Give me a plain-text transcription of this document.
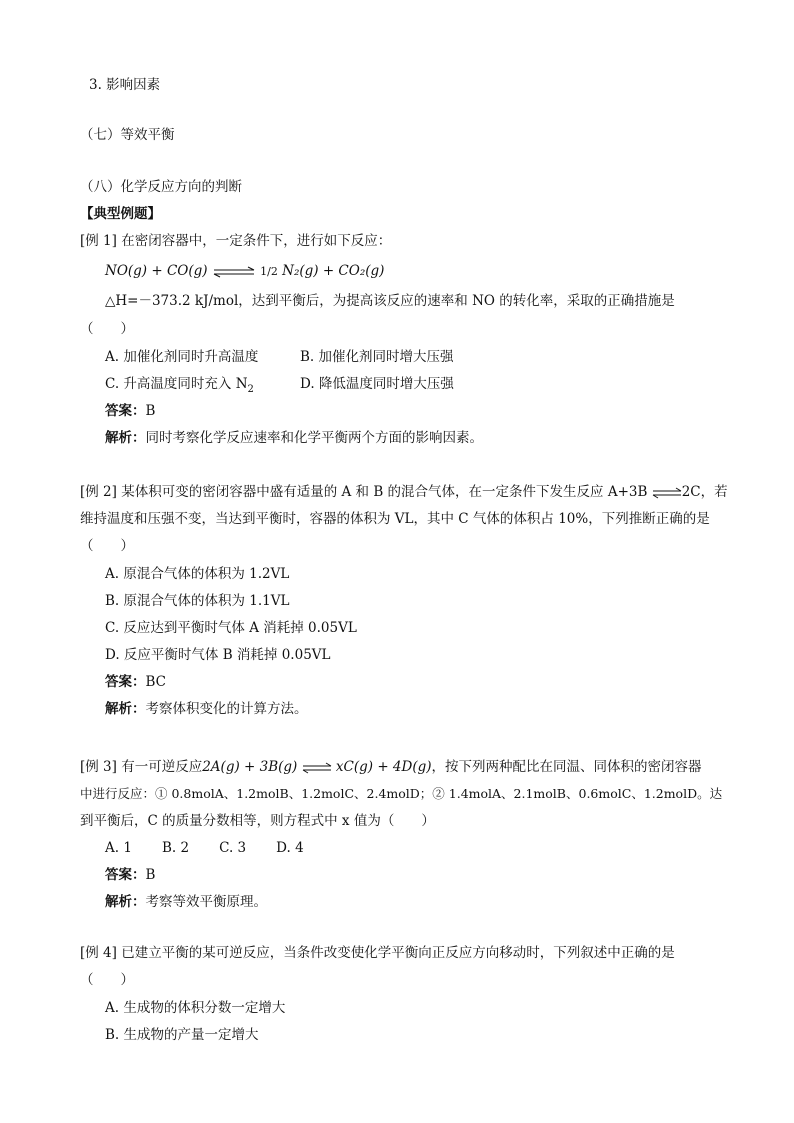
3. 影响因素
（七）等效平衡
（八）化学反应方向的判断
【典型例题】
[例 1] 在密闭容器中，一定条件下，进行如下反应：
NO(g) + CO(g) ⇌ 1/2 N₂(g) + CO₂(g)
△H=－373.2 kJ/mol，达到平衡后，为提高该反应的速率和 NO 的转化率，采取的正确措施是
（　　）
A. 加催化剂同时升高温度	B. 加催化剂同时增大压强
C. 升高温度同时充入 $N_2$	D. 降低温度同时增大压强
答案：B
解析：同时考察化学反应速率和化学平衡两个方面的影响因素。
[例 2] 某体积可变的密闭容器中盛有适量的 A 和 B 的混合气体，在一定条件下发生反应 A+3B ⇌2C，若
维持温度和压强不变，当达到平衡时，容器的体积为 VL，其中 C 气体的体积占 10%，下列推断正确的是
（　　）
A. 原混合气体的体积为 1.2VL
B. 原混合气体的体积为 1.1VL
C. 反应达到平衡时气体 A 消耗掉 0.05VL
D. 反应平衡时气体 B 消耗掉 0.05VL
答案：BC
解析：考察体积变化的计算方法。
[例 3] 有一可逆反应2A(g) + 3B(g) ⇌ xC(g) + 4D(g)，按下列两种配比在同温、同体积的密闭容器
中进行反应：① 0.8molA、1.2molB、1.2molC、2.4molD；② 1.4molA、2.1molB、0.6molC、1.2molD。达
到平衡后，C 的质量分数相等，则方程式中 x 值为（　　）
A. 1       B. 2       C. 3       D. 4
答案：B
解析：考察等效平衡原理。
[例 4] 已建立平衡的某可逆反应，当条件改变使化学平衡向正反应方向移动时，下列叙述中正确的是
（　　）
A. 生成物的体积分数一定增大
B. 生成物的产量一定增大
